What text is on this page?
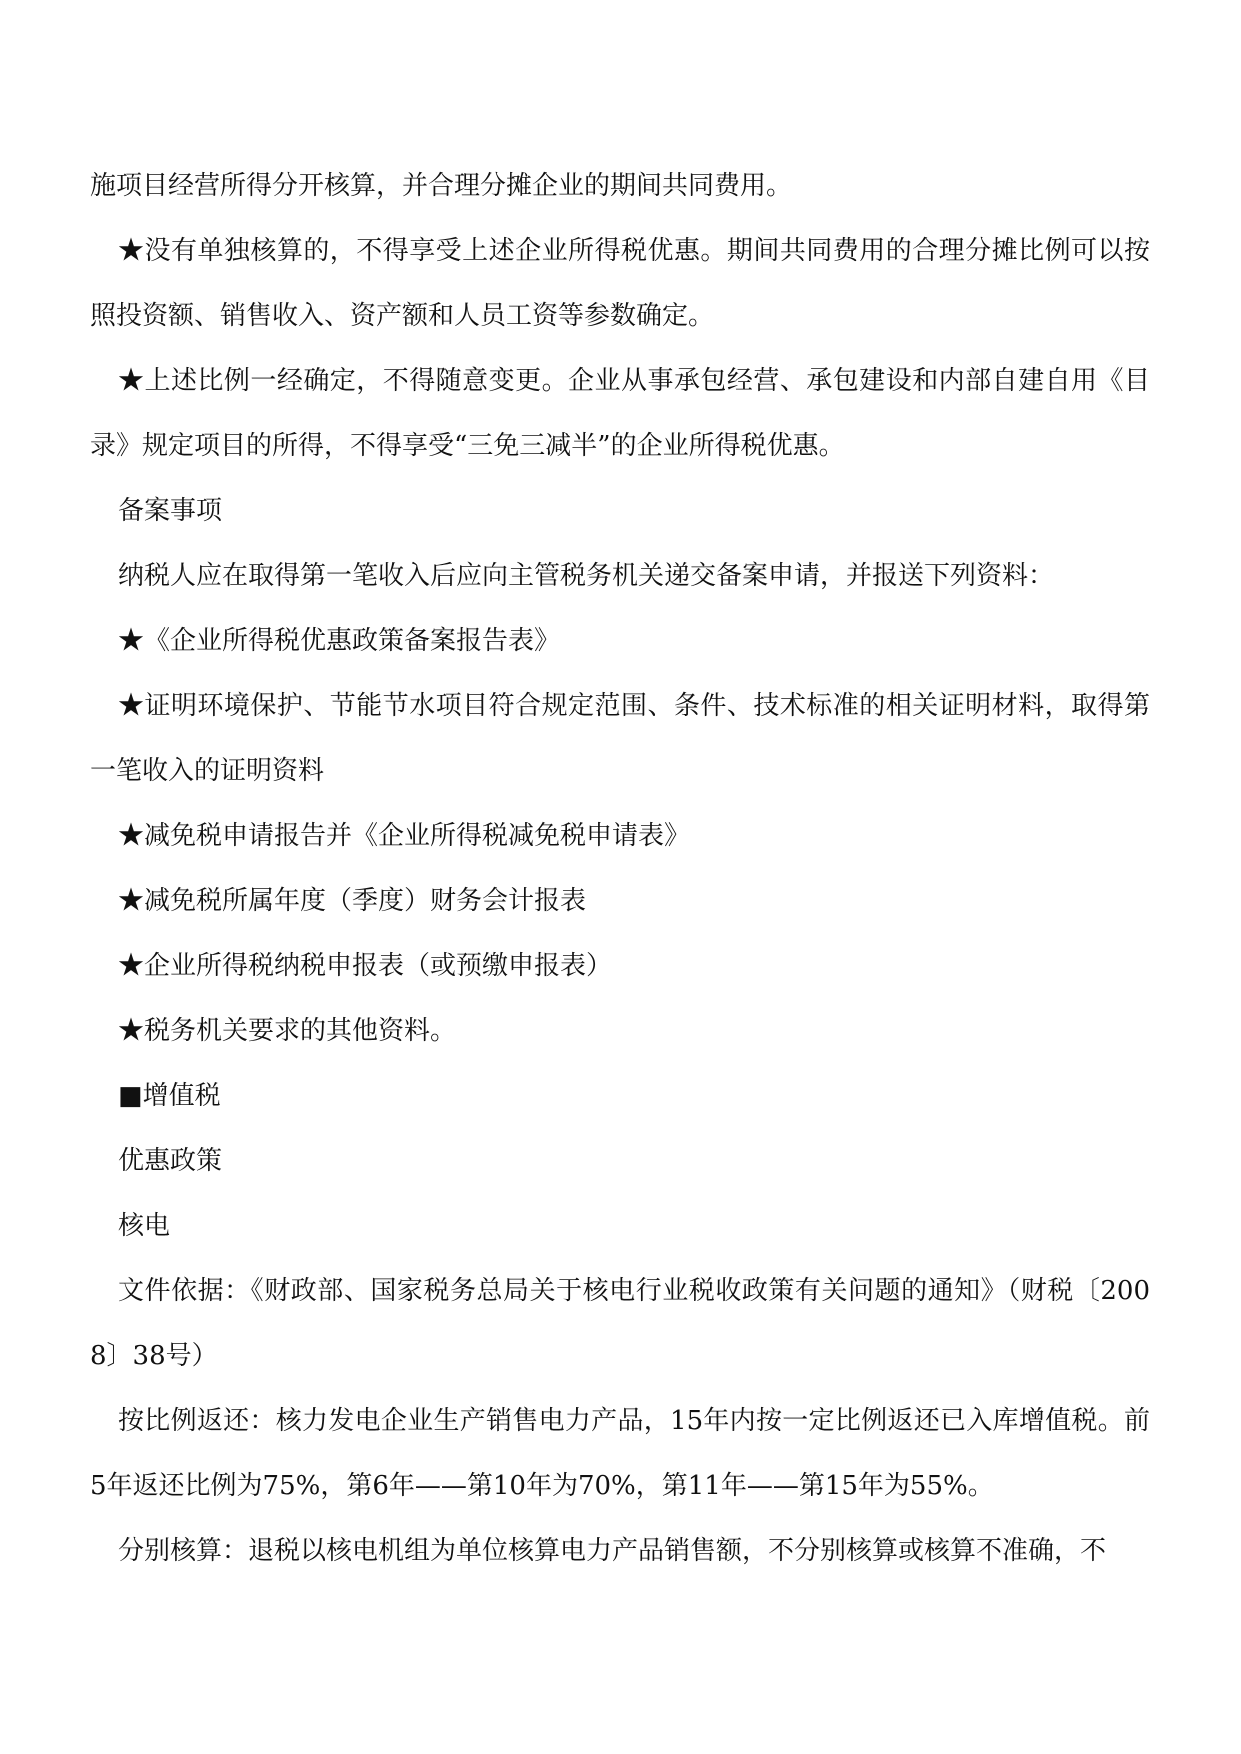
施项目经营所得分开核算，并合理分摊企业的期间共同费用。

★没有单独核算的，不得享受上述企业所得税优惠。期间共同费用的合理分摊比例可以按照投资额、销售收入、资产额和人员工资等参数确定。

★上述比例一经确定，不得随意变更。企业从事承包经营、承包建设和内部自建自用《目录》规定项目的所得，不得享受“三免三减半”的企业所得税优惠。

备案事项

纳税人应在取得第一笔收入后应向主管税务机关递交备案申请，并报送下列资料：

★《企业所得税优惠政策备案报告表》

★证明环境保护、节能节水项目符合规定范围、条件、技术标准的相关证明材料，取得第一笔收入的证明资料

★减免税申请报告并《企业所得税减免税申请表》

★减免税所属年度（季度）财务会计报表

★企业所得税纳税申报表（或预缴申报表）

★税务机关要求的其他资料。

■增值税

优惠政策

核电

文件依据：《财政部、国家税务总局关于核电行业税收政策有关问题的通知》（财税〔2008〕38号）

按比例返还：核力发电企业生产销售电力产品，15年内按一定比例返还已入库增值税。前5年返还比例为75%，第6年——第10年为70%，第11年——第15年为55%。

分别核算：退税以核电机组为单位核算电力产品销售额，不分别核算或核算不准确，不
